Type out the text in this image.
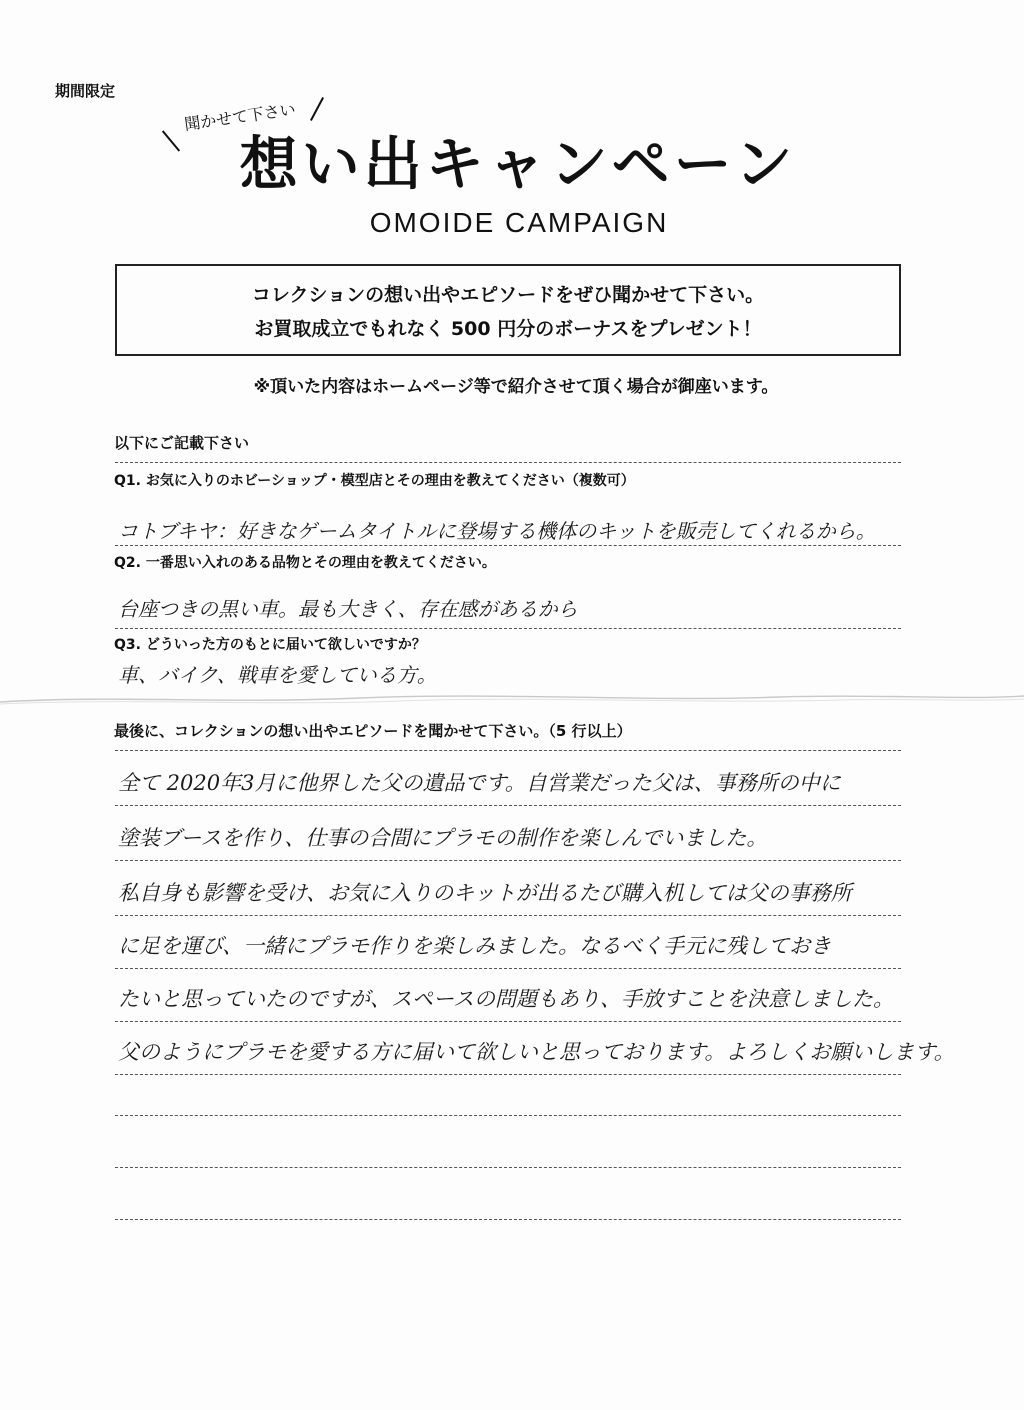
期間限定
聞かせて下さい
想い出キャンペーン
OMOIDE CAMPAIGN
コレクションの想い出やエピソードをぜひ聞かせて下さい。
お買取成立でもれなく 500 円分のボーナスをプレゼント！
※頂いた内容はホームページ等で紹介させて頂く場合が御座います。
以下にご記載下さい
Q1. お気に入りのホビーショップ・模型店とその理由を教えてください（複数可）
コトブキヤ：好きなゲームタイトルに登場する機体のキットを販売してくれるから。
Q2. 一番思い入れのある品物とその理由を教えてください。
台座つきの黒い車。最も大きく、存在感があるから
Q3. どういった方のもとに届いて欲しいですか？
車、バイク、戦車を愛している方。
最後に、コレクションの想い出やエピソードを聞かせて下さい。（5 行以上）
全て 2020年3月に他界した父の遺品です。自営業だった父は、事務所の中に
塗装ブースを作り、仕事の合間にプラモの制作を楽しんでいました。
私自身も影響を受け、お気に入りのキットが出るたび購入机しては父の事務所
に足を運び、一緒にプラモ作りを楽しみました。なるべく手元に残しておき
たいと思っていたのですが、スペースの問題もあり、手放すことを決意しました。
父のようにプラモを愛する方に届いて欲しいと思っております。よろしくお願いします。
